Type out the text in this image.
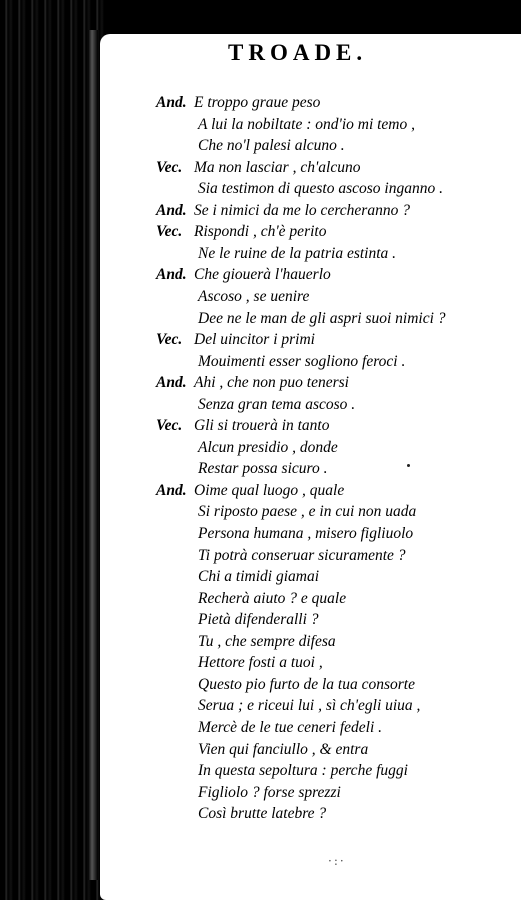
TROADE.
And. E troppo graue peso
A lui la nobiltate : ond'io mi temo ,
Che no'l palesi alcuno .
Vec. Ma non lasciar , ch'alcuno
Sia testimon di questo ascoso inganno .
And. Se i nimici da me lo cercheranno ?
Vec. Rispondi , ch'è perito
Ne le ruine de la patria estinta .
And. Che giouerà l'hauerlo
Ascoso , se uenire
Dee ne le man de gli aspri suoi nimici ?
Vec. Del uincitor i primi
Mouimenti esser sogliono feroci .
And. Ahi , che non puo tenersi
Senza gran tema ascoso .
Vec. Gli si trouerà in tanto
Alcun presidio , donde
Restar possa sicuro .
And. Oime qual luogo , quale
Si riposto paese , e in cui non uada
Persona humana , misero figliuolo
Ti potrà conseruar sicuramente ?
Chi a timidi giamai
Recherà aiuto ? e quale
Pietà difenderalli ?
Tu , che sempre difesa
Hettore fosti a tuoi ,
Questo pio furto de la tua consorte
Serua ; e riceui lui , sì ch'egli uiua ,
Mercè de le tue ceneri fedeli .
Vien qui fanciullo , & entra
In questa sepoltura : perche fuggi
Figliolo ? forse sprezzi
Così brutte latebre ?
·:·
